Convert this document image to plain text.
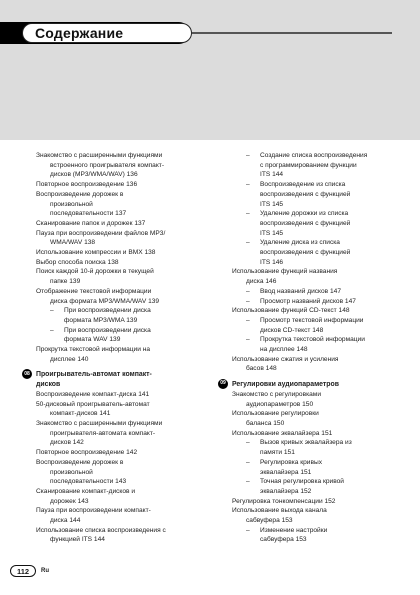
Содержание
Знакомство с расширенными функциями
встроенного проигрывателя компакт-
дисков (MP3/WMA/WAV) 136
Повторное воспроизведение 136
Воспроизведение дорожек в
произвольной
последовательности 137
Сканирование папок и дорожек 137
Пауза при воспроизведении файлов MP3/
WMA/WAV 138
Использование компрессии и BMX 138
Выбор способа поиска 138
Поиск каждой 10-й дорожки в текущей
папке 139
Отображение текстовой информации
диска формата MP3/WMA/WAV 139
– При воспроизведении диска
формата MP3/WMA 139
– При воспроизведении диска
формата WAV 139
Прокрутка текстовой информации на
дисплее 140
08 Проигрыватель-автомат компакт-
дисков
Воспроизведение компакт-диска 141
50-дисковый проигрыватель-автомат
компакт-дисков 141
Знакомство с расширенными функциями
проигрывателя-автомата компакт-
дисков 142
Повторное воспроизведение 142
Воспроизведение дорожек в
произвольной
последовательности 143
Сканирование компакт-дисков и
дорожек 143
Пауза при воспроизведении компакт-
диска 144
Использование списка воспроизведения с
функцией ITS 144
– Создание списка воспроизведения
с программированием функции
ITS 144
– Воспроизведение из списка
воспроизведения с функцией
ITS 145
– Удаление дорожки из списка
воспроизведения с функцией
ITS 145
– Удаление диска из списка
воспроизведения с функцией
ITS 146
Использование функций названия
диска 146
– Ввод названий дисков 147
– Просмотр названий дисков 147
Использование функций CD-текст 148
– Просмотр текстовой информации
дисков CD-текст 148
– Прокрутка текстовой информации
на дисплее 148
Использование сжатия и усиления
басов 148
09 Регулировки аудиопараметров
Знакомство с регулировками
аудиопараметров 150
Использование регулировки
баланса 150
Использование эквалайзера 151
– Вызов кривых эквалайзера из
памяти 151
– Регулировка кривых
эквалайзера 151
– Точная регулировка кривой
эквалайзера 152
Регулировка тонкомпенсации 152
Использование выхода канала
сабвуфера 153
– Изменение настройки
сабвуфера 153
112	Ru
